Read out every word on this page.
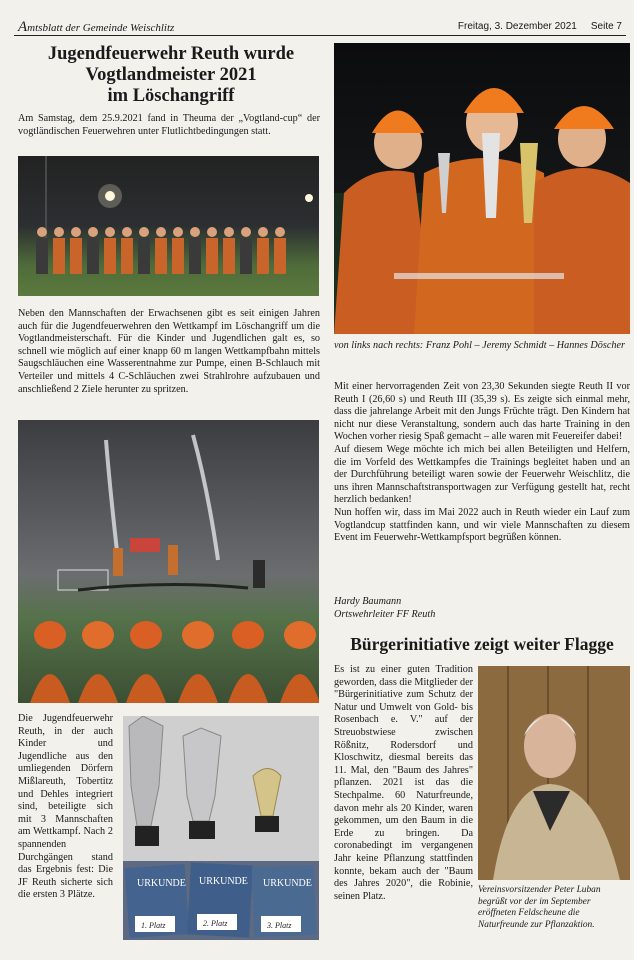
Amtsblatt der Gemeinde Weischlitz	Freitag, 3. Dezember 2021 Seite 7
Jugendfeuerwehr Reuth wurde
Vogtlandmeister 2021
im Löschangriff
Am Samstag, dem 25.9.2021 fand in Theuma der „Vogtland-cup“ der vogtländischen Feuerwehren unter Flutlichtbedingungen statt.
Neben den Mannschaften der Erwachsenen gibt es seit einigen Jahren auch für die Jugendfeuerwehren den Wettkampf im Löschangriff um die Vogtlandmeisterschaft. Für die Kinder und Jugendlichen galt es, so schnell wie möglich auf einer knapp 60 m langen Wettkampfbahn mittels Saugschläuchen eine Wasserentnahme zur Pumpe, einen B-Schlauch mit Verteiler und mittels 4 C-Schläuchen zwei Strahlrohre aufzubauen und anschließend 2 Ziele herunter zu spritzen.
Die Jugendfeuerwehr Reuth, in der auch Kinder und Jugendliche aus den umliegenden Dörfern Mißlareuth, Tobertitz und Dehles integriert sind, beteiligte sich mit 3 Mannschaften am Wettkampf. Nach 2 spannenden Durchgängen stand das Ergebnis fest: Die JF Reuth sicherte sich die ersten 3 Plätze.
URKUNDE URKUNDE URKUNDE
1. Platz	2. Platz	3. Platz
von links nach rechts: Franz Pohl – Jeremy Schmidt – Hannes Döscher
Mit einer hervorragenden Zeit von 23,30 Sekunden siegte Reuth II vor Reuth I (26,60 s) und Reuth III (35,39 s). Es zeigte sich einmal mehr, dass die jahrelange Arbeit mit den Jungs Früchte trägt. Den Kindern hat nicht nur diese Veranstaltung, sondern auch das harte Training in den Wochen vorher riesig Spaß gemacht – alle waren mit Feuereifer dabei!
Auf diesem Wege möchte ich mich bei allen Beteiligten und Helfern, die im Vorfeld des Wettkampfes die Trainings begleitet haben und an der Durchführung beteiligt waren sowie der Feuerwehr Weischlitz, die uns ihren Mannschaftstransportwagen zur Verfügung gestellt hat, recht herzlich bedanken!
Nun hoffen wir, dass im Mai 2022 auch in Reuth wieder ein Lauf zum Vogtlandcup stattfinden kann, und wir viele Mannschaften zu diesem Event im Feuerwehr-Wettkampfsport begrüßen können.
Hardy Baumann
Ortswehrleiter FF Reuth
Bürgerinitiative zeigt weiter Flagge
Es ist zu einer guten Tradition geworden, dass die Mitglieder der "Bürgerinitiative zum Schutz der Natur und Umwelt von Gold- bis Rosenbach e. V." auf der Streuobstwiese zwischen Rößnitz, Rodersdorf und Kloschwitz, diesmal bereits das 11. Mal, den "Baum des Jahres" pflanzen. 2021 ist das die Stechpalme. 60 Naturfreunde, davon mehr als 20 Kinder, waren gekommen, um den Baum in die Erde zu bringen. Da coronabedingt im vergangenen Jahr keine Pflanzung stattfinden konnte, bekam auch der "Baum des Jahres 2020", die Robinie, seinen Platz.
Vereinsvorsitzender Peter Luban begrüßt vor der im September eröffneten Feldscheune die Naturfreunde zur Pflanzaktion.
